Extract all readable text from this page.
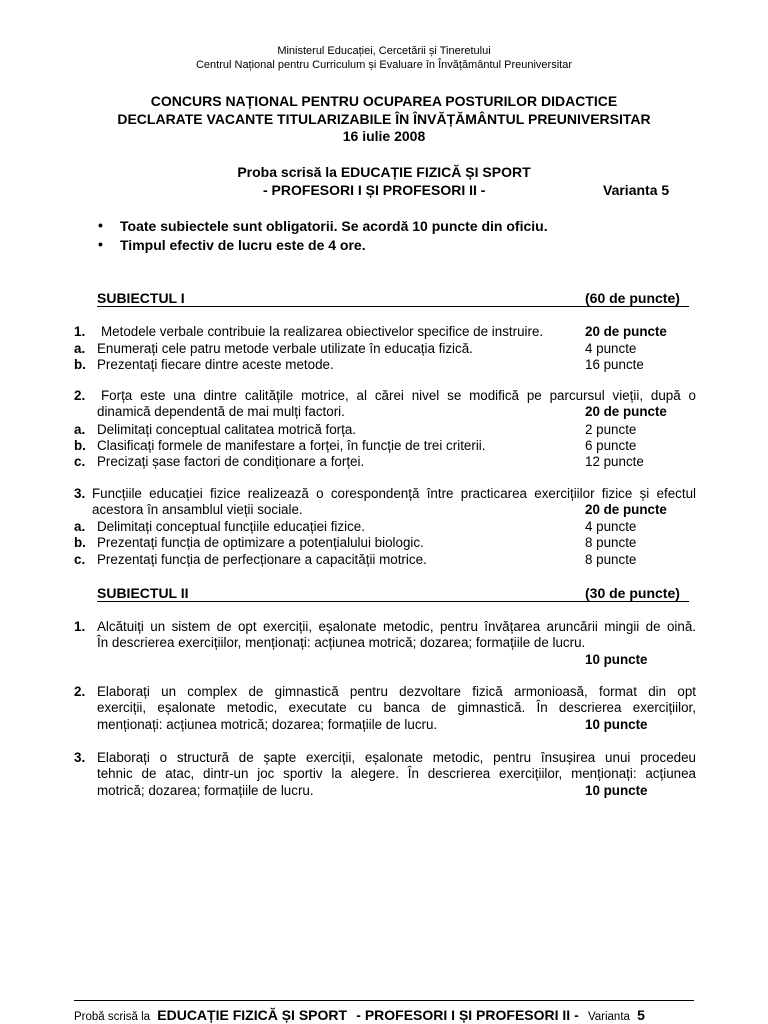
Ministerul Educației, Cercetării și Tineretului
Centrul Național pentru Curriculum și Evaluare în Învățământul Preuniversitar
CONCURS NAȚIONAL PENTRU OCUPAREA POSTURILOR DIDACTICE
DECLARATE VACANTE TITULARIZABILE ÎN ÎNVĂȚĂMÂNTUL PREUNIVERSITAR
16 iulie 2008
Proba scrisă la EDUCAȚIE FIZICĂ ȘI SPORT
- PROFESORI I ȘI PROFESORI II -	Varianta 5
• Toate subiectele sunt obligatorii. Se acordă 10 puncte din oficiu.
• Timpul efectiv de lucru este de 4 ore.
SUBIECTUL I	(60 de puncte)
1. Metodele verbale contribuie la realizarea obiectivelor specifice de instruire.	20 de puncte
a. Enumerați cele patru metode verbale utilizate în educația fizică.	4 puncte
b. Prezentați fiecare dintre aceste metode.	16 puncte
2. Forța este una dintre calitățile motrice, al cărei nivel se modifică pe parcursul vieții, după o
dinamică dependentă de mai mulți factori.	20 de puncte
a. Delimitați conceptual calitatea motrică forța.	2 puncte
b. Clasificați formele de manifestare a forței, în funcție de trei criterii.	6 puncte
c. Precizați șase factori de condiționare a forței.	12 puncte
3. Funcțiile educației fizice realizează o corespondență între practicarea exercițiilor fizice și efectul
acestora în ansamblul vieții sociale.	20 de puncte
a. Delimitați conceptual funcțiile educației fizice.	4 puncte
b. Prezentați funcția de optimizare a potențialului biologic.	8 puncte
c. Prezentați funcția de perfecționare a capacității motrice.	8 puncte
SUBIECTUL II	(30 de puncte)
1. Alcătuiți un sistem de opt exerciții, eșalonate metodic, pentru învățarea aruncării mingii de oină.
În descrierea exercițiilor, menționați: acțiunea motrică; dozarea; formațiile de lucru.
10 puncte
2. Elaborați un complex de gimnastică pentru dezvoltare fizică armonioasă, format din opt
exerciții, eșalonate metodic, executate cu banca de gimnastică. În descrierea exercițiilor,
menționați: acțiunea motrică; dozarea; formațiile de lucru.	10 puncte
3. Elaborați o structură de șapte exerciții, eșalonate metodic, pentru însușirea unui procedeu
tehnic de atac, dintr-un joc sportiv la alegere. În descrierea exercițiilor, menționați: acțiunea
motrică; dozarea; formațiile de lucru.	10 puncte
Probă scrisă la EDUCAȚIE FIZICĂ ȘI SPORT - PROFESORI I ȘI PROFESORI II - Varianta 5
